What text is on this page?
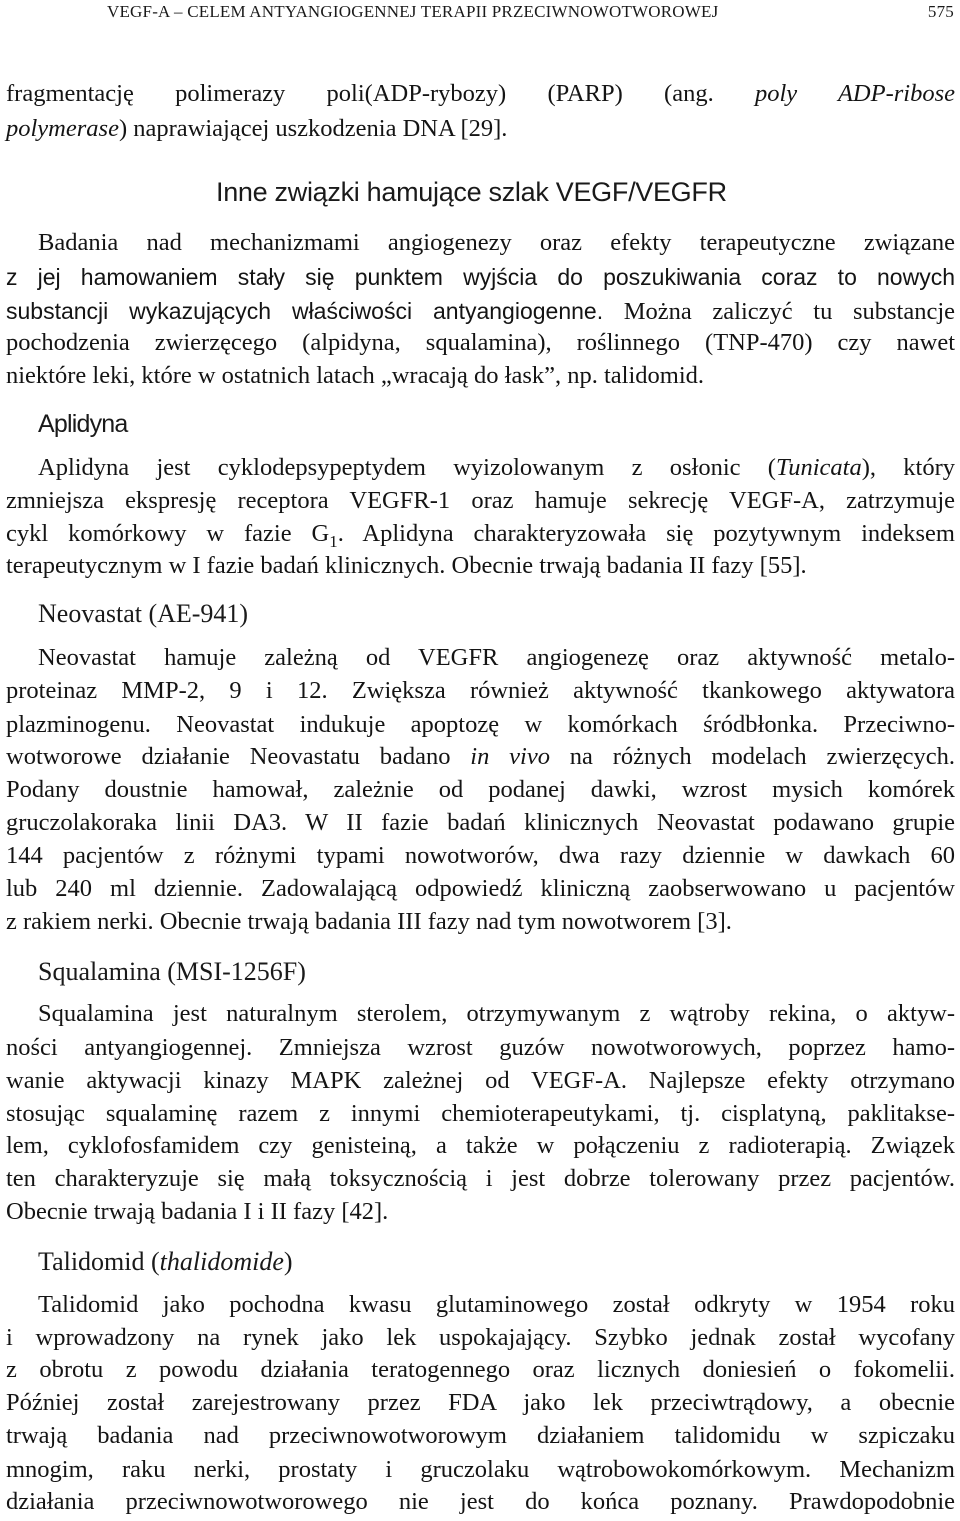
VEGF-A – CELEM ANTYANGIOGENNEJ TERAPII PRZECIWNOWOTWOROWEJ	575

fragmentację polimerazy poli(ADP-rybozy) (PARP) (ang. poly ADP-ribose

polymerase) naprawiającej uszkodzenia DNA [29].

Inne związki hamujące szlak VEGF/VEGFR

Badania nad mechanizmami angiogenezy oraz efekty terapeutyczne związane

z jej hamowaniem stały się punktem wyjścia do poszukiwania coraz to nowych

substancji wykazujących właściwości antyangiogenne. Można zaliczyć tu substancje

pochodzenia zwierzęcego (alpidyna, squalamina), roślinnego (TNP-470) czy nawet

niektóre leki, które w ostatnich latach „wracają do łask”, np. talidomid.

Aplidyna

Aplidyna jest cyklodepsypeptydem wyizolowanym z osłonic (Tunicata), który

zmniejsza ekspresję receptora VEGFR-1 oraz hamuje sekrecję VEGF-A, zatrzymuje

cykl komórkowy w fazie $G_1$. Aplidyna charakteryzowała się pozytywnym indeksem

terapeutycznym w I fazie badań klinicznych. Obecnie trwają badania II fazy [55].

Neovastat (AE-941)

Neovastat hamuje zależną od VEGFR angiogenezę oraz aktywność metalo-

proteinaz MMP-2, 9 i 12. Zwiększa również aktywność tkankowego aktywatora

plazminogenu. Neovastat indukuje apoptozę w komórkach śródbłonka. Przeciwno-

wotworowe działanie Neovastatu badano in vivo na różnych modelach zwierzęcych.

Podany doustnie hamował, zależnie od podanej dawki, wzrost mysich komórek

gruczolakoraka linii DA3. W II fazie badań klinicznych Neovastat podawano grupie

144 pacjentów z różnymi typami nowotworów, dwa razy dziennie w dawkach 60

lub 240 ml dziennie. Zadowalającą odpowiedź kliniczną zaobserwowano u pacjentów

z rakiem nerki. Obecnie trwają badania III fazy nad tym nowotworem [3].

Squalamina (MSI-1256F)

Squalamina jest naturalnym sterolem, otrzymywanym z wątroby rekina, o aktyw-

ności antyangiogennej. Zmniejsza wzrost guzów nowotworowych, poprzez hamo-

wanie aktywacji kinazy MAPK zależnej od VEGF-A. Najlepsze efekty otrzymano

stosując squalaminę razem z innymi chemioterapeutykami, tj. cisplatyną, paklitakse-

lem, cyklofosfamidem czy genisteiną, a także w połączeniu z radioterapią. Związek

ten charakteryzuje się małą toksycznością i jest dobrze tolerowany przez pacjentów.

Obecnie trwają badania I i II fazy [42].

Talidomid (thalidomide)

Talidomid jako pochodna kwasu glutaminowego został odkryty w 1954 roku

i wprowadzony na rynek jako lek uspokajający. Szybko jednak został wycofany

z obrotu z powodu działania teratogennego oraz licznych doniesień o fokomelii.

Później został zarejestrowany przez FDA jako lek przeciwtrądowy, a obecnie

trwają badania nad przeciwnowotworowym działaniem talidomidu w szpiczaku

mnogim, raku nerki, prostaty i gruczolaku wątrobowokomórkowym. Mechanizm

działania przeciwnowotworowego nie jest do końca poznany. Prawdopodobnie
